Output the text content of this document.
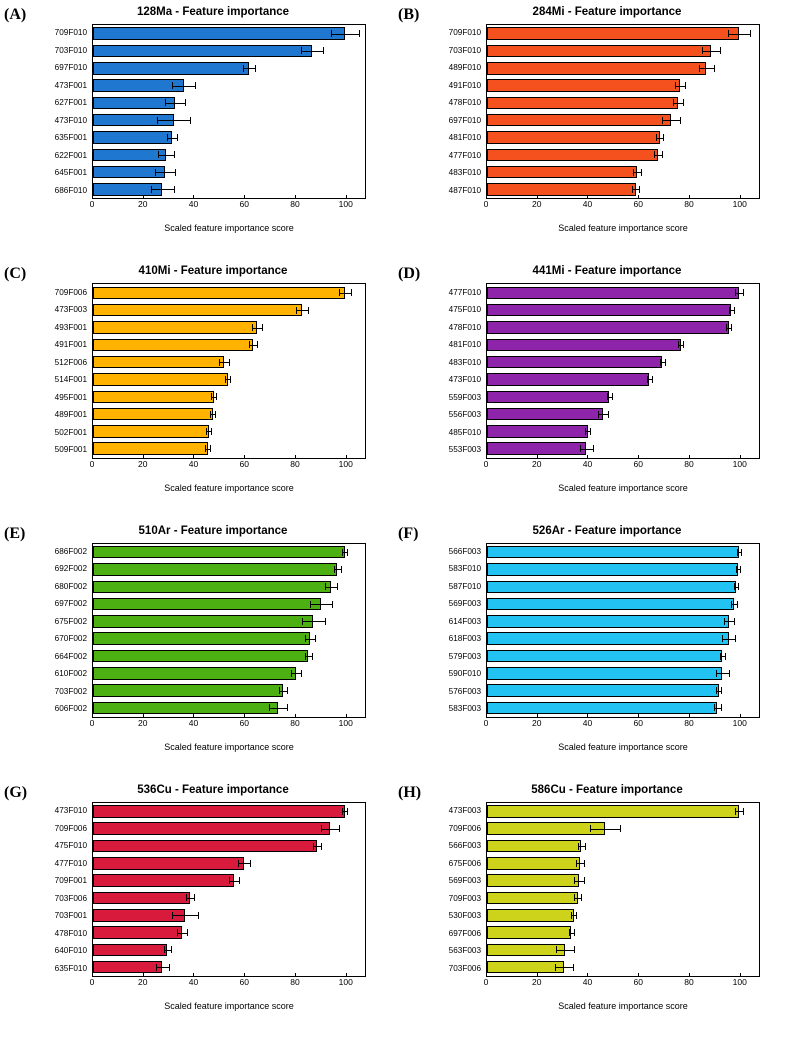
(A)	128Ma - Feature importance
709F010
703F010
697F010
473F001
627F001
473F010
635F001
622F001
645F001
686F010
0	20	40	60	80	100
Scaled feature importance score
(B)	284Mi - Feature importance
709F010
703F010
489F010
491F010
478F010
697F010
481F010
477F010
483F010
487F010
0	20	40	60	80	100
Scaled feature importance score
(C)	410Mi - Feature importance
709F006
473F003
493F001
491F001
512F006
514F001
495F001
489F001
502F001
509F001
0	20	40	60	80	100
Scaled feature importance score
(D)	441Mi - Feature importance
477F010
475F010
478F010
481F010
483F010
473F010
559F003
556F003
485F010
553F003
0	20	40	60	80	100
Scaled feature importance score
(E)	510Ar - Feature importance
686F002
692F002
680F002
697F002
675F002
670F002
664F002
610F002
703F002
606F002
0	20	40	60	80	100
Scaled feature importance score
(F)	526Ar - Feature importance
566F003
583F010
587F010
569F003
614F003
618F003
579F003
590F010
576F003
583F003
0	20	40	60	80	100
Scaled feature importance score
(G)	536Cu - Feature importance
473F010
709F006
475F010
477F010
709F001
703F006
703F001
478F010
640F010
635F010
0	20	40	60	80	100
Scaled feature importance score
(H)	586Cu - Feature importance
473F003
709F006
566F003
675F006
569F003
709F003
530F003
697F006
563F003
703F006
0	20	40	60	80	100
Scaled feature importance score
